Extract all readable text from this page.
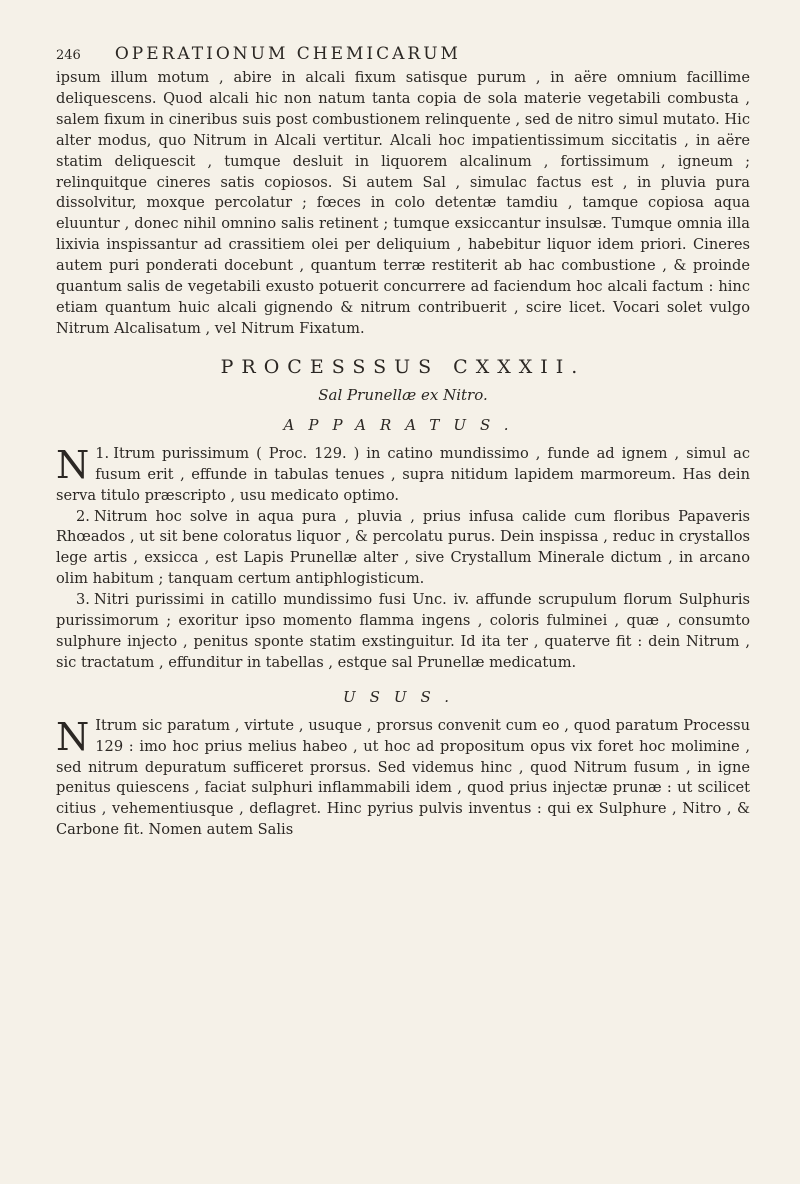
246 OPERATIONUM CHEMICARUM

ipsum illum motum , abire in alcali fixum satisque purum , in aëre omnium facillime deliquescens. Quod alcali hic non natum tanta copia de sola materie vegetabili combusta , salem fixum in cineribus suis post combustionem relinquente , sed de nitro simul mutato. Hic alter modus, quo Nitrum in Alcali vertitur. Alcali hoc impatientissimum siccitatis , in aëre statim deliquescit , tumque desluit in liquorem alcalinum , fortissimum , igneum ; relinquitque cineres satis copiosos. Si autem Sal , simulac factus est , in pluvia pura dissolvitur, moxque percolatur ; fœces in colo detentæ tamdiu , tamque copiosa aqua eluuntur , donec nihil omnino salis retinent ; tumque exsiccantur insulsæ. Tumque omnia illa lixivia inspissantur ad crassitiem olei per deliquium , habebitur liquor idem priori. Cineres autem puri ponderati docebunt , quantum terræ restiterit ab hac combustione , & proinde quantum salis de vegetabili exusto potuerit concurrere ad faciendum hoc alcali factum : hinc etiam quantum huic alcali gignendo & nitrum contribuerit , scire licet. Vocari solet vulgo Nitrum Alcalisatum , vel Nitrum Fixatum.

PROCESSSUS CXXXII.
Sal Prunellæ ex Nitro.
APPARATUS.

N 1. Itrum purissimum ( Proc. 129. ) in catino mundissimo , funde ad ignem , simul ac fusum erit , effunde in tabulas tenues , supra nitidum lapidem marmoreum. Has dein serva titulo præscripto , usu medicato optimo.

2. Nitrum hoc solve in aqua pura , pluvia , prius infusa calide cum floribus Papaveris Rhœados , ut sit bene coloratus liquor , & percolatu purus. Dein inspissa , reduc in crystallos lege artis , exsicca , est Lapis Prunellæ alter , sive Crystallum Minerale dictum , in arcano olim habitum ; tanquam certum antiphlogisticum.

3. Nitri purissimi in catillo mundissimo fusi Unc. iv. affunde scrupulum florum Sulphuris purissimorum ; exoritur ipso momento flamma ingens , coloris fulminei , quæ , consumto sulphure injecto , penitus sponte statim exstinguitur. Id ita ter , quaterve fit : dein Nitrum , sic tractatum , effunditur in tabellas , estque sal Prunellæ medicatum.

USUS.

N Itrum sic paratum , virtute , usuque , prorsus convenit cum eo , quod paratum Processu 129 : imo hoc prius melius habeo , ut hoc ad propositum opus vix foret hoc molimine , sed nitrum depuratum sufficeret prorsus. Sed videmus hinc , quod Nitrum fusum , in igne penitus quiescens , faciat sulphuri inflammabili idem , quod prius injectæ prunæ : ut scilicet citius , vehementiusque , deflagret. Hinc pyrius pulvis inventus : qui ex Sulphure , Nitro , & Carbone fit. Nomen autem Salis
